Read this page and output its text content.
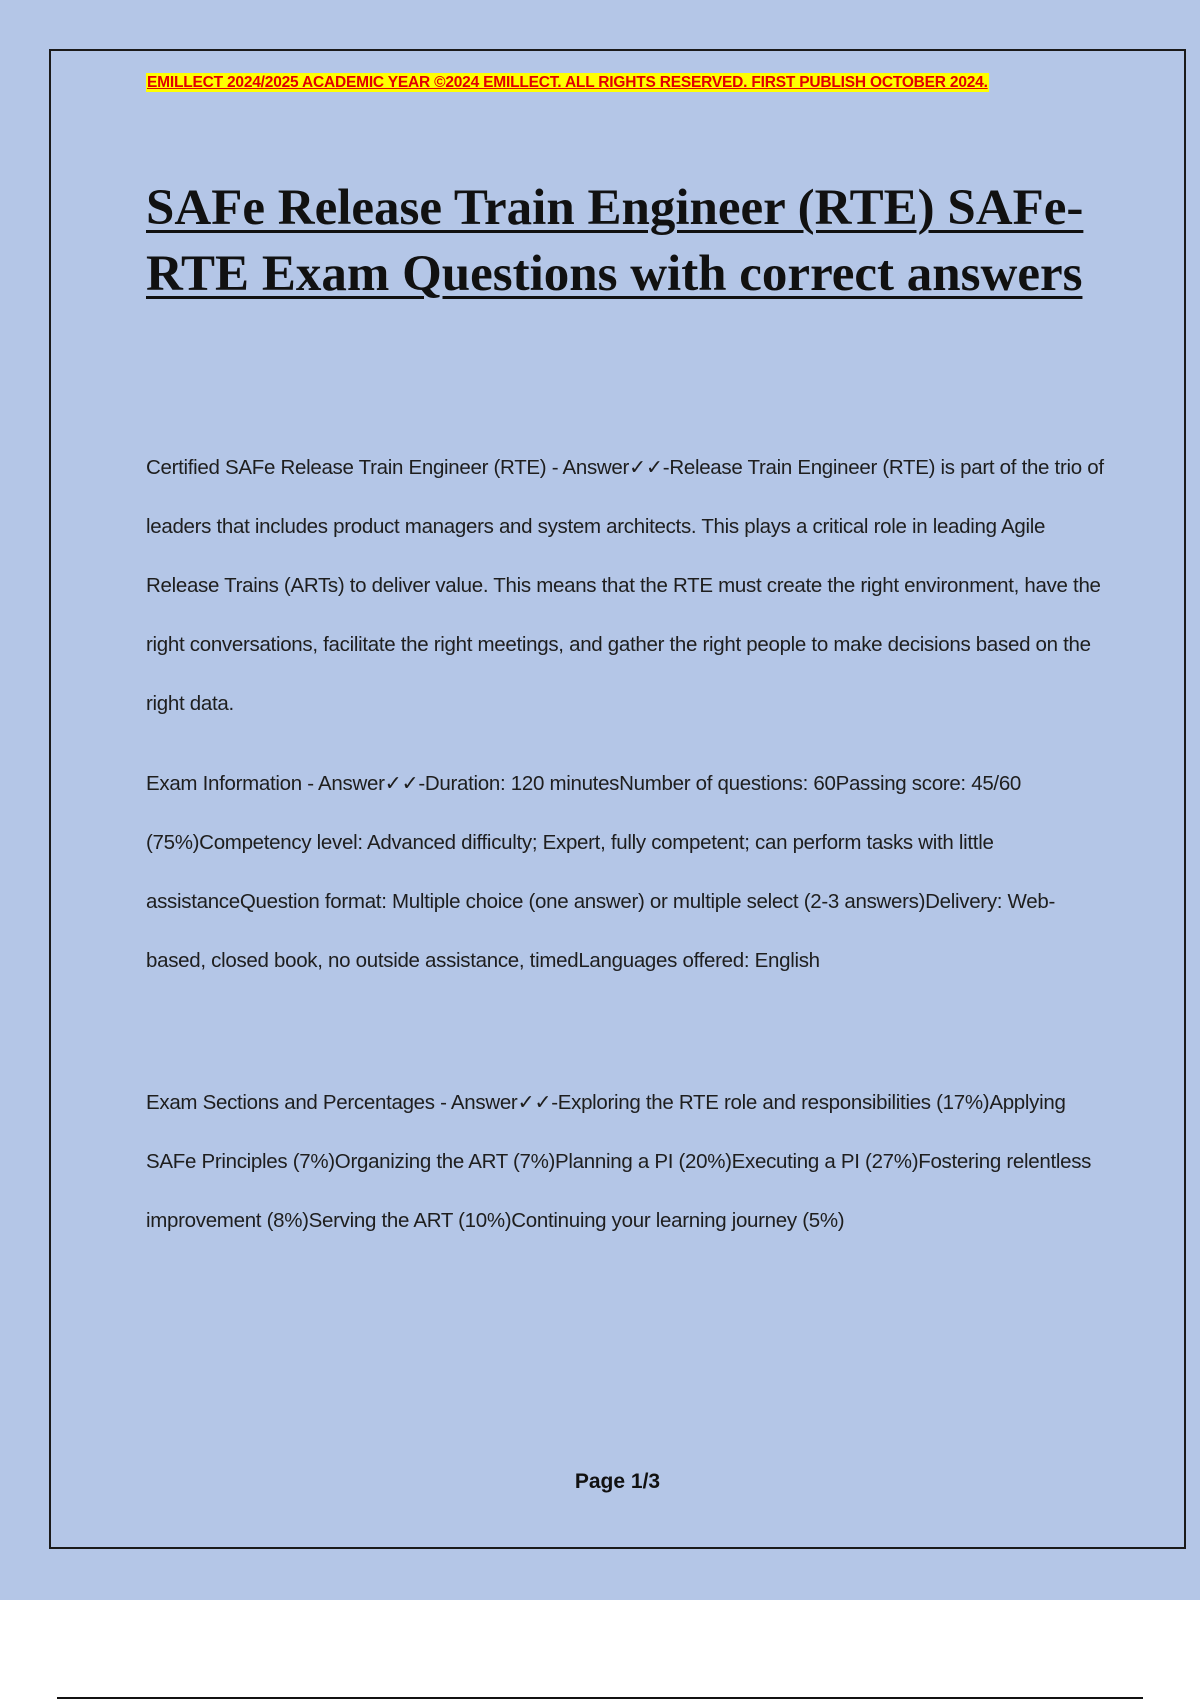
EMILLECT 2024/2025 ACADEMIC YEAR ©2024 EMILLECT. ALL RIGHTS RESERVED. FIRST PUBLISH OCTOBER 2024.
SAFe Release Train Engineer (RTE) SAFe-RTE Exam Questions with correct answers

Certified SAFe Release Train Engineer (RTE) - Answer✓✓-Release Train Engineer (RTE) is part of the trio of leaders that includes product managers and system architects. This plays a critical role in leading Agile Release Trains (ARTs) to deliver value. This means that the RTE must create the right environment, have the right conversations, facilitate the right meetings, and gather the right people to make decisions based on the right data.

Exam Information - Answer✓✓-Duration: 120 minutesNumber of questions: 60Passing score: 45/60 (75%)Competency level: Advanced difficulty; Expert, fully competent; can perform tasks with little assistanceQuestion format: Multiple choice (one answer) or multiple select (2-3 answers)Delivery: Web-based, closed book, no outside assistance, timedLanguages offered: English

Exam Sections and Percentages - Answer✓✓-Exploring the RTE role and responsibilities (17%)Applying SAFe Principles (7%)Organizing the ART (7%)Planning a PI (20%)Executing a PI (27%)Fostering relentless improvement (8%)Serving the ART (10%)Continuing your learning journey (5%)

Page 1/3
